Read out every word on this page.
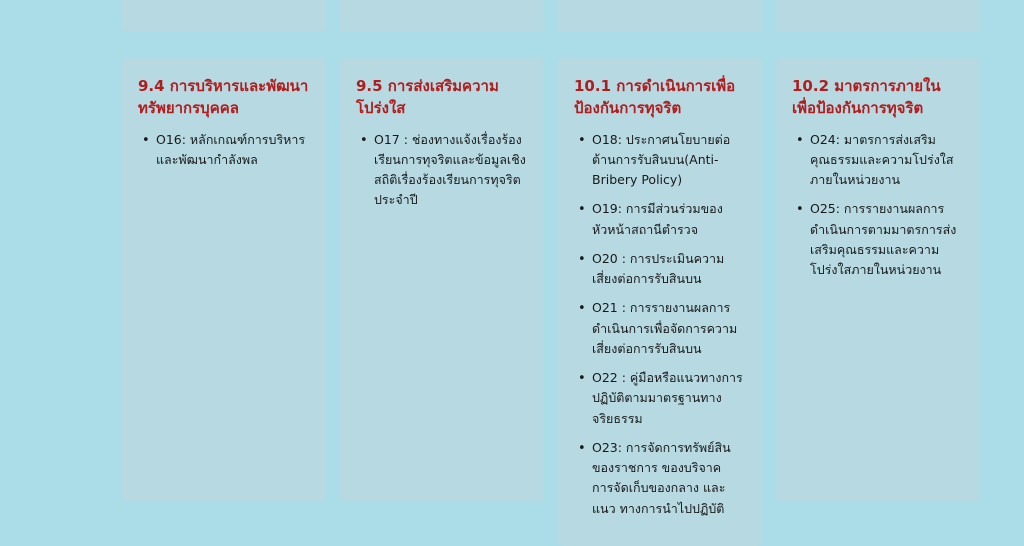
9.4 การบริหารและพัฒนาทรัพยากรบุคคล
• O16: หลักเกณฑ์การบริหารและพัฒนากำลังพล
9.5 การส่งเสริมความโปร่งใส
• O17 : ช่องทางแจ้งเรื่องร้องเรียนการทุจริตและข้อมูลเชิงสถิติเรื่องร้องเรียนการทุจริตประจำปี
10.1 การดำเนินการเพื่อป้องกันการทุจริต
• O18: ประกาศนโยบายต่อต้านการรับสินบน(Anti-Bribery Policy)
• O19: การมีส่วนร่วมของหัวหน้าสถานีตำรวจ
• O20 : การประเมินความเสี่ยงต่อการรับสินบน
• O21 : การรายงานผลการดำเนินการเพื่อจัดการความเสี่ยงต่อการรับสินบน
• O22 : คู่มือหรือแนวทางการปฏิบัติตามมาตรฐานทางจริยธรรม
• O23: การจัดการทรัพย์สินของราชการ ของบริจาค การจัดเก็บของกลาง และแนว ทางการนำไปปฏิบัติ
10.2 มาตรการภายในเพื่อป้องกันการทุจริต
• O24: มาตรการส่งเสริมคุณธรรมและความโปร่งใสภายในหน่วยงาน
• O25: การรายงานผลการดำเนินการตามมาตรการส่งเสริมคุณธรรมและความโปร่งใสภายในหน่วยงาน
